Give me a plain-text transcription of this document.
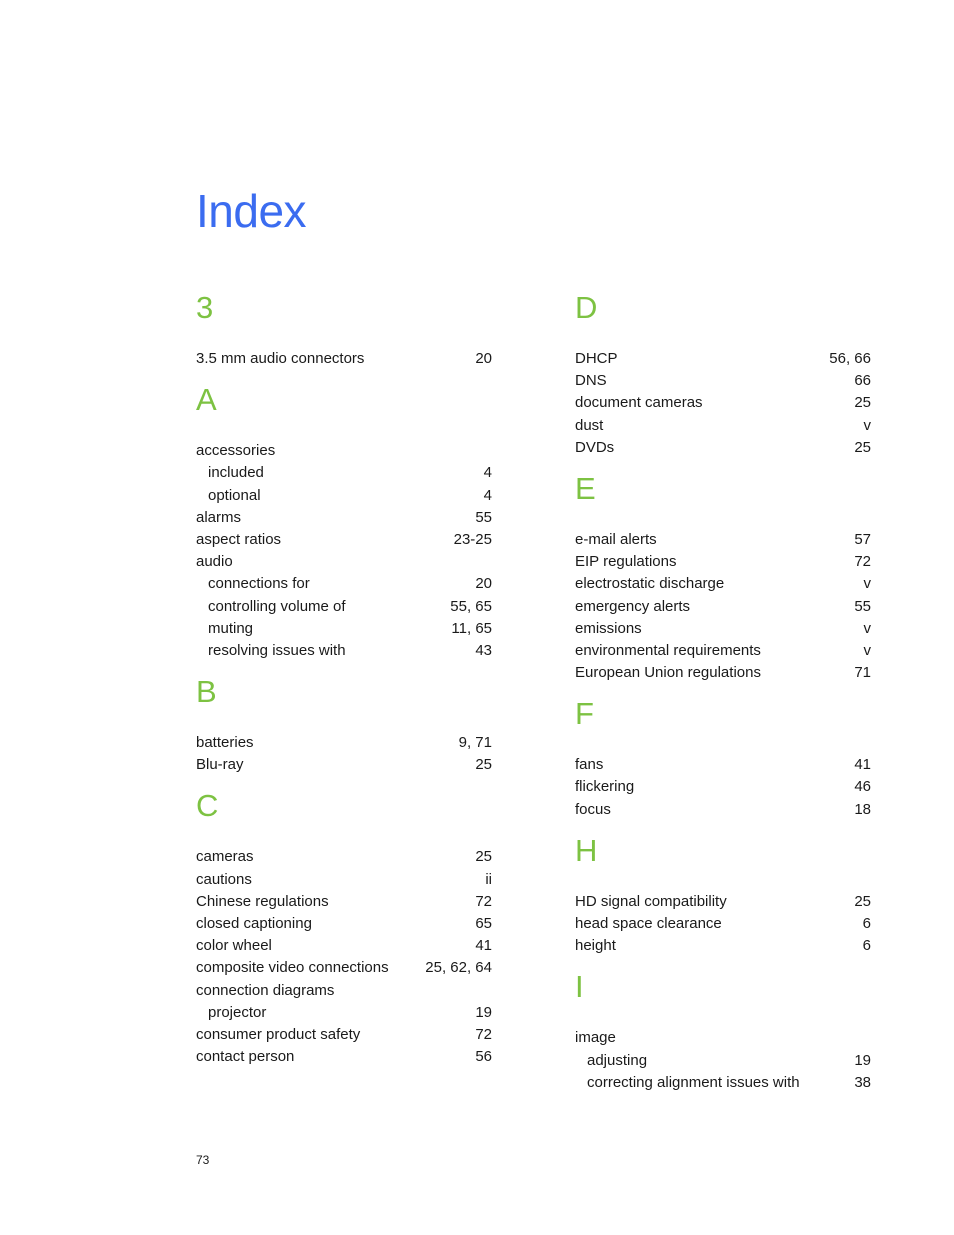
Index
3
3.5 mm audio connectors	20
A
accessories
included	4
optional	4
alarms	55
aspect ratios	23-25
audio
connections for	20
controlling volume of	55, 65
muting	11, 65
resolving issues with	43
B
batteries	9, 71
Blu-ray	25
C
cameras	25
cautions	ii
Chinese regulations	72
closed captioning	65
color wheel	41
composite video connections	25, 62, 64
connection diagrams
projector	19
consumer product safety	72
contact person	56
D
DHCP	56, 66
DNS	66
document cameras	25
dust	v
DVDs	25
E
e-mail alerts	57
EIP regulations	72
electrostatic discharge	v
emergency alerts	55
emissions	v
environmental requirements	v
European Union regulations	71
F
fans	41
flickering	46
focus	18
H
HD signal compatibility	25
head space clearance	6
height	6
I
image
adjusting	19
correcting alignment issues with	38
73
